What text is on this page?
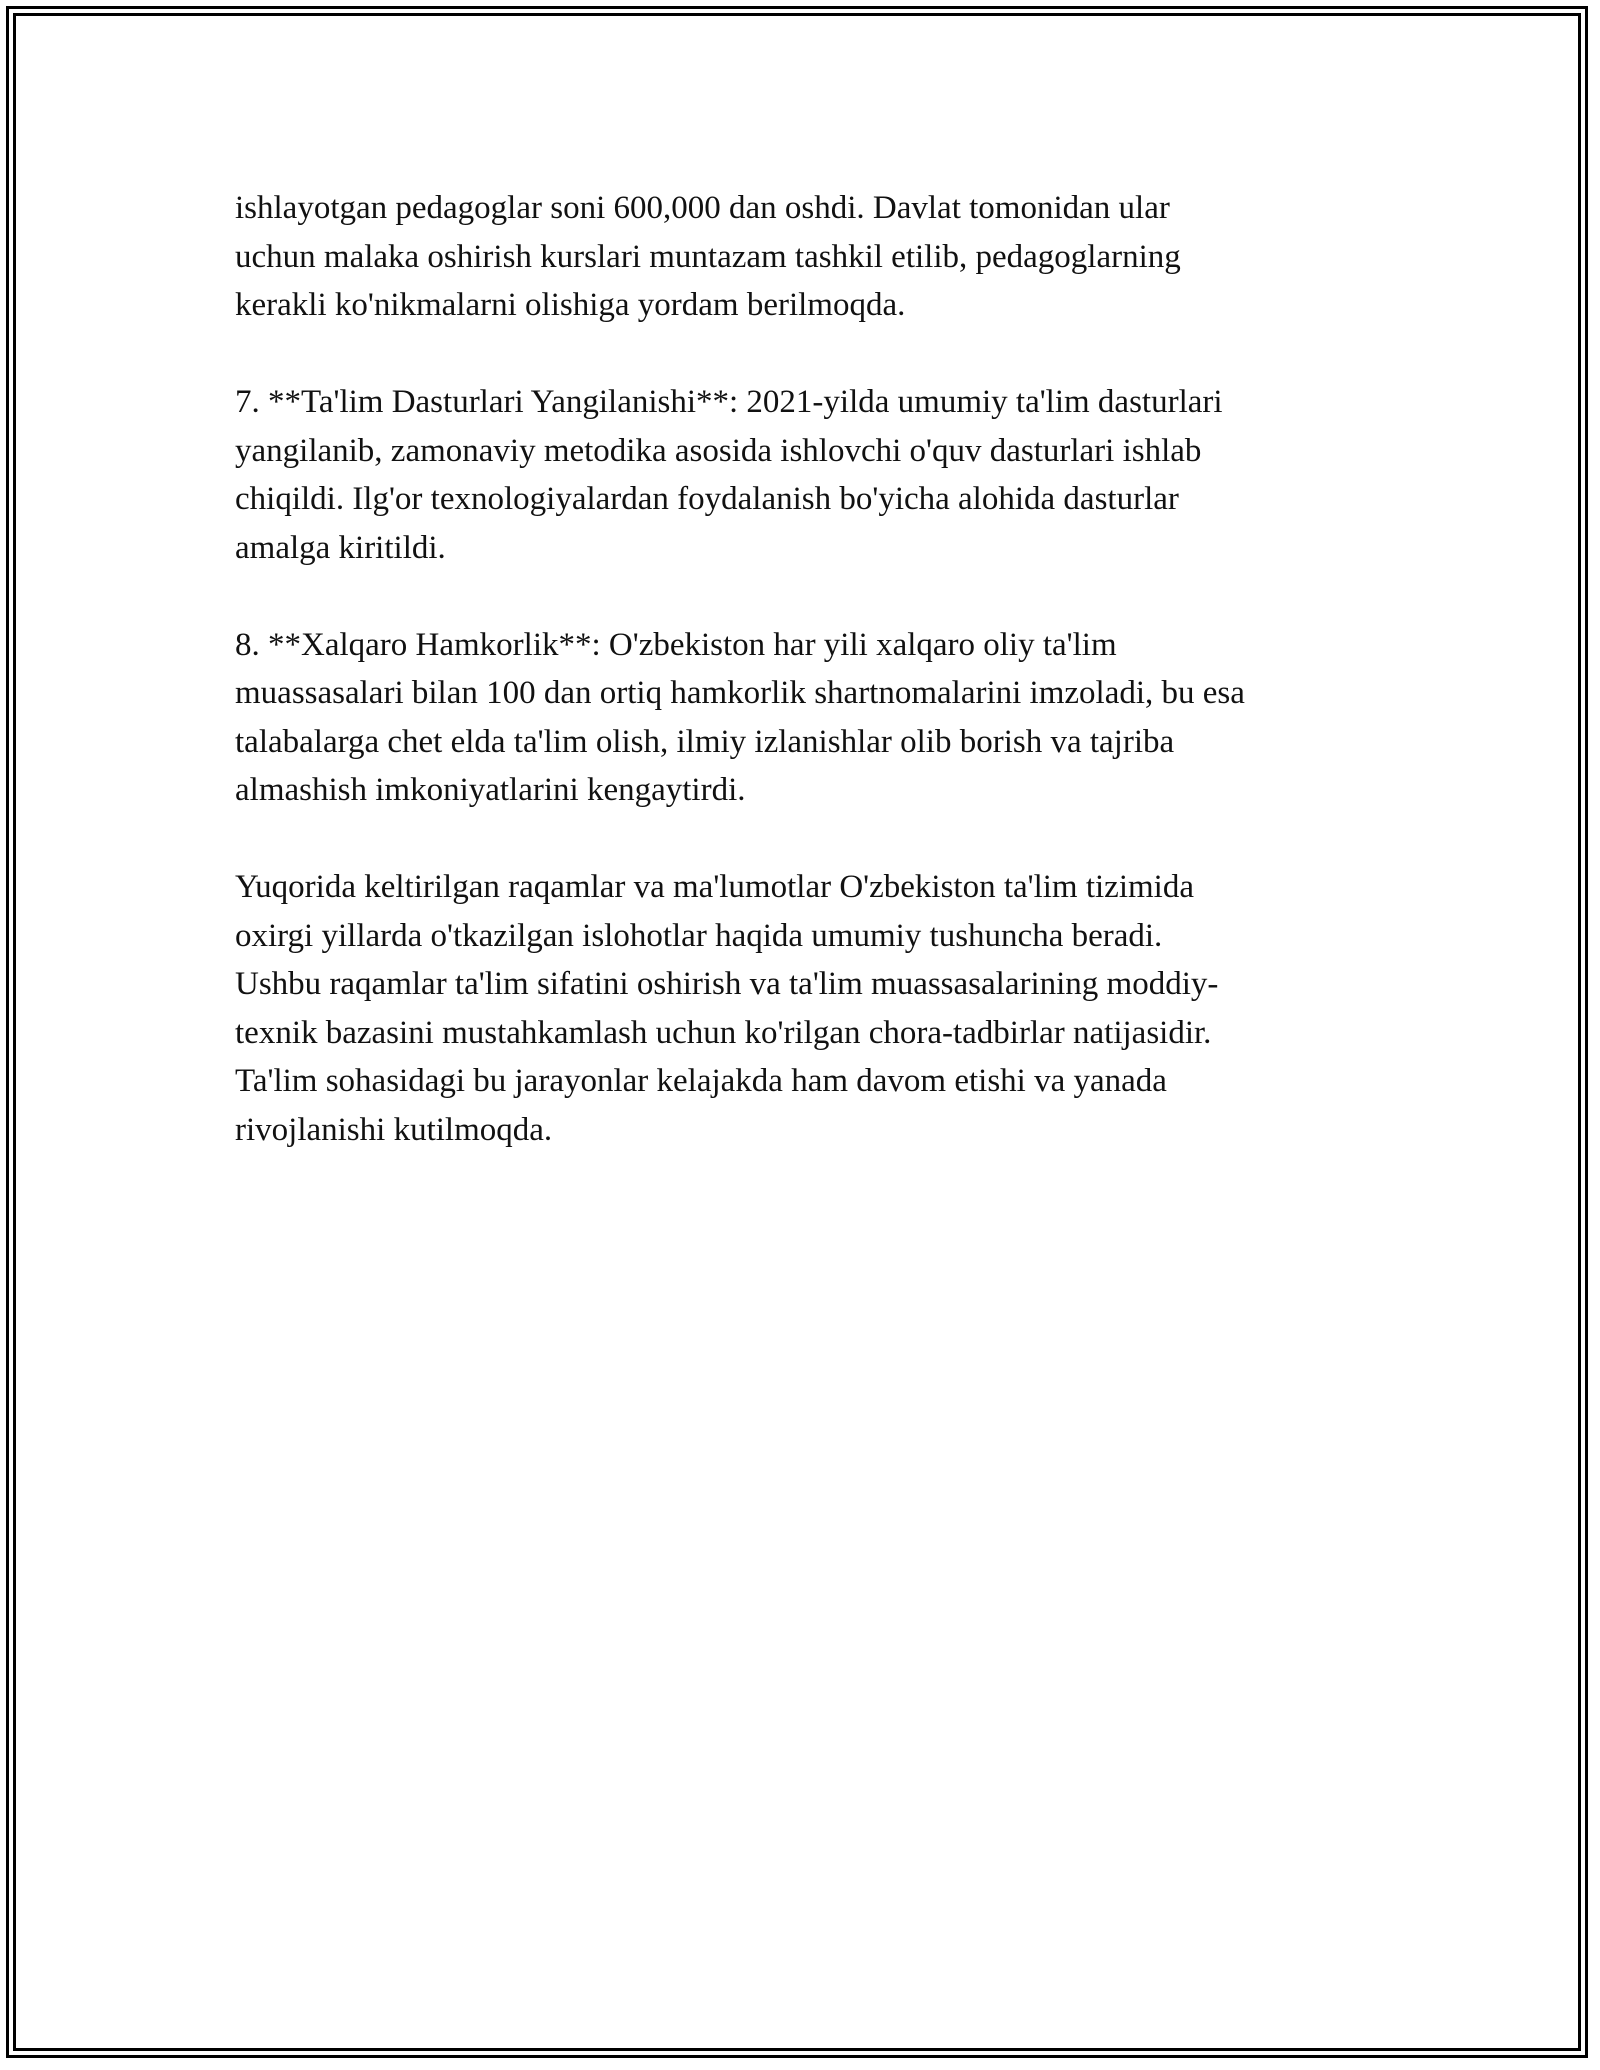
ishlayotgan pedagoglar soni 600,000 dan oshdi. Davlat tomonidan ular
uchun malaka oshirish kurslari muntazam tashkil etilib, pedagoglarning
kerakli ko'nikmalarni olishiga yordam berilmoqda.

7. **Ta'lim Dasturlari Yangilanishi**: 2021-yilda umumiy ta'lim dasturlari
yangilanib, zamonaviy metodika asosida ishlovchi o'quv dasturlari ishlab
chiqildi. Ilg'or texnologiyalardan foydalanish bo'yicha alohida dasturlar
amalga kiritildi.

8. **Xalqaro Hamkorlik**: O'zbekiston har yili xalqaro oliy ta'lim
muassasalari bilan 100 dan ortiq hamkorlik shartnomalarini imzoladi, bu esa
talabalarga chet elda ta'lim olish, ilmiy izlanishlar olib borish va tajriba
almashish imkoniyatlarini kengaytirdi.

Yuqorida keltirilgan raqamlar va ma'lumotlar O'zbekiston ta'lim tizimida
oxirgi yillarda o'tkazilgan islohotlar haqida umumiy tushuncha beradi.
Ushbu raqamlar ta'lim sifatini oshirish va ta'lim muassasalarining moddiy-
texnik bazasini mustahkamlash uchun ko'rilgan chora-tadbirlar natijasidir.
Ta'lim sohasidagi bu jarayonlar kelajakda ham davom etishi va yanada
rivojlanishi kutilmoqda.
